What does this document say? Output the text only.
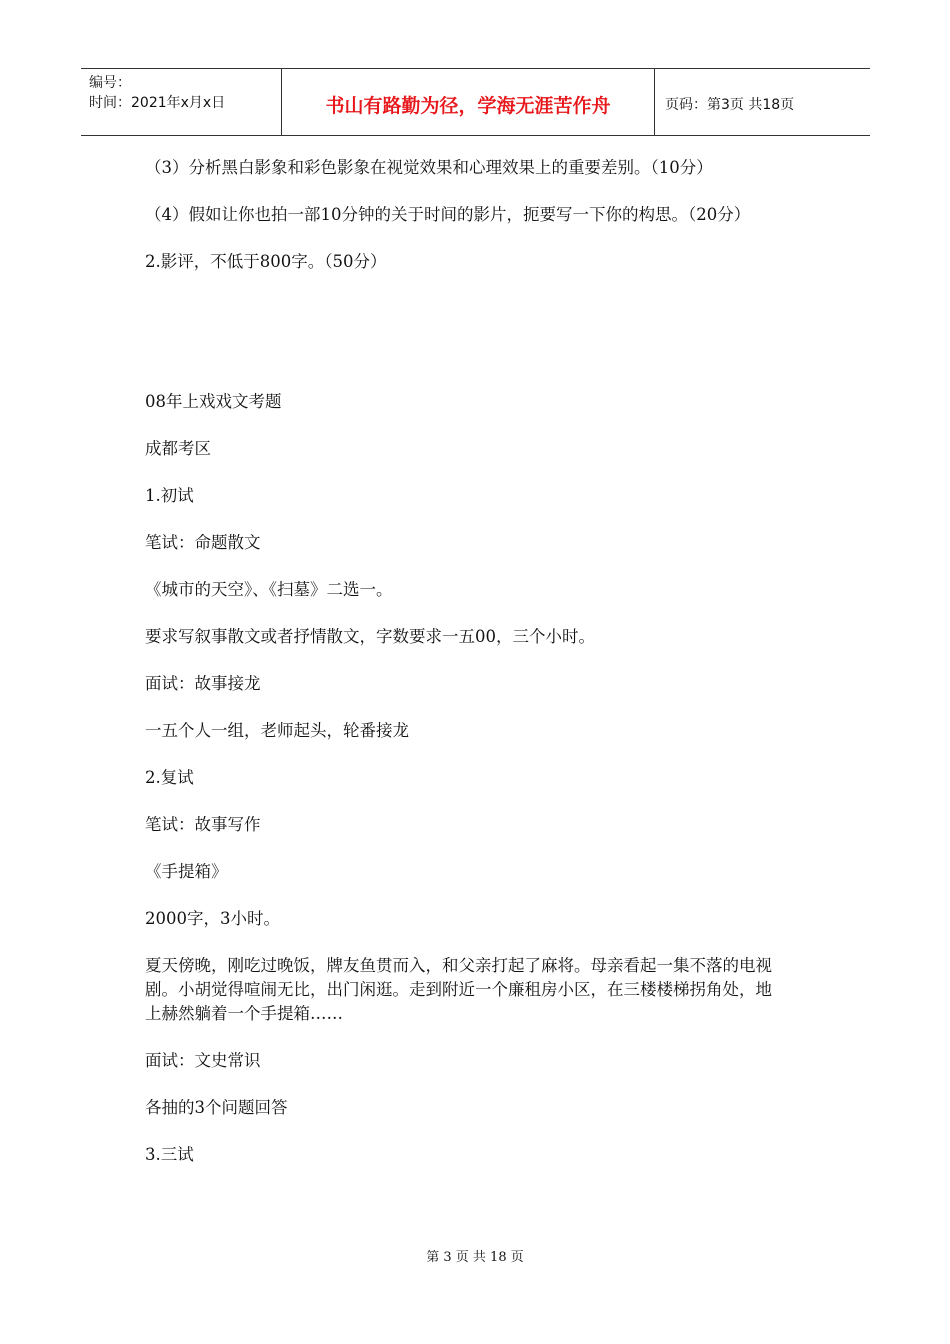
编号：
时间：2021年x月x日	书山有路勤为径，学海无涯苦作舟	页码：第3页 共18页

（3）分析黑白影象和彩色影象在视觉效果和心理效果上的重要差别。（10分）

（4）假如让你也拍一部10分钟的关于时间的影片，扼要写一下你的构思。（20分）

2.影评，不低于800字。（50分）

08年上戏戏文考题

成都考区

1.初试

笔试：命题散文

《城市的天空》、《扫墓》二选一。

要求写叙事散文或者抒情散文，字数要求一五00，三个小时。

面试：故事接龙

一五个人一组，老师起头，轮番接龙

2.复试

笔试：故事写作

《手提箱》

2000字，3小时。

夏天傍晚，刚吃过晚饭，牌友鱼贯而入，和父亲打起了麻将。母亲看起一集不落的电视剧。小胡觉得喧闹无比，出门闲逛。走到附近一个廉租房小区，在三楼楼梯拐角处，地上赫然躺着一个手提箱……

面试：文史常识

各抽的3个问题回答

3.三试

第 3 页 共 18 页
